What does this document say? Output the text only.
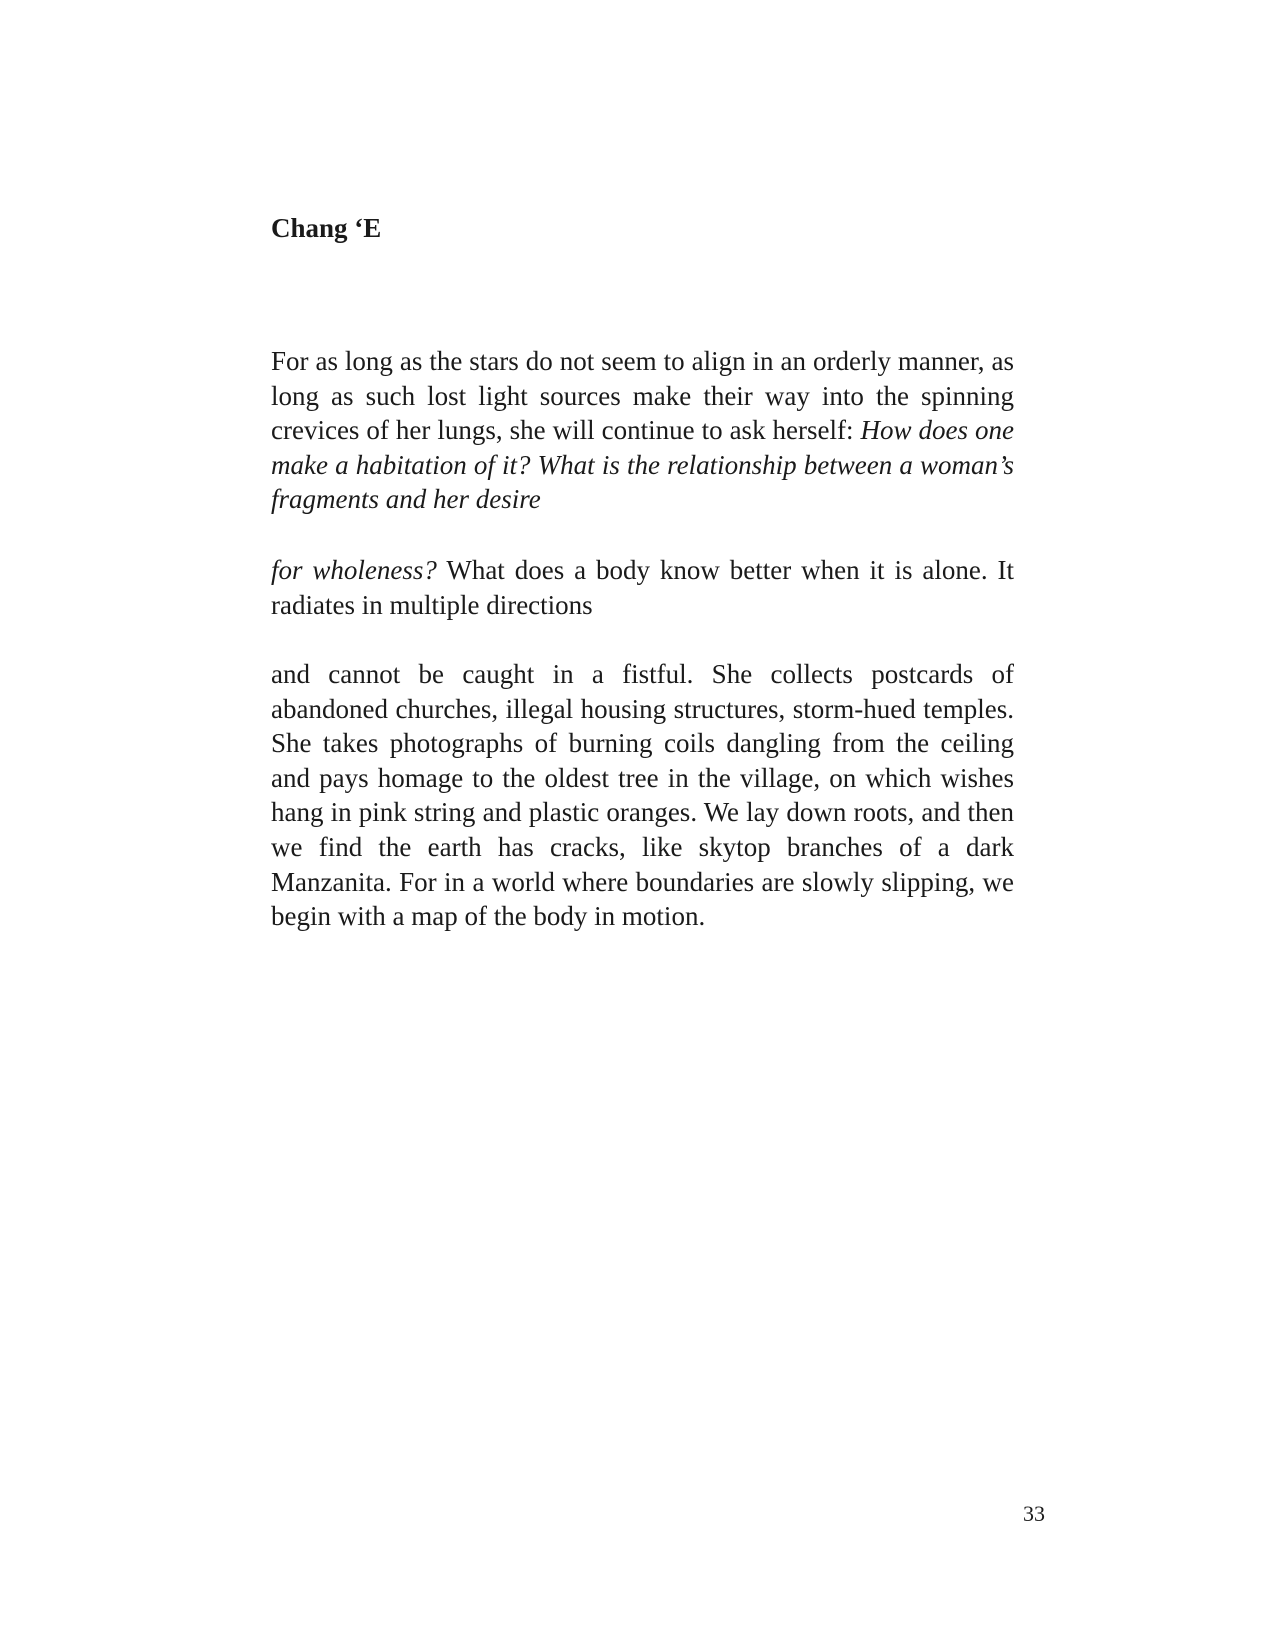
Chang ‘E

For as long as the stars do not seem to align in an orderly manner, as long as such lost light sources make their way into the spinning crevices of her lungs, she will continue to ask herself: How does one make a habitation of it? What is the relationship between a woman’s fragments and her desire

for wholeness? What does a body know better when it is alone. It radiates in multiple directions

and cannot be caught in a fistful. She collects postcards of abandoned churches, illegal housing structures, storm-hued temples. She takes photographs of burning coils dangling from the ceiling and pays homage to the oldest tree in the village, on which wishes hang in pink string and plastic oranges. We lay down roots, and then we find the earth has cracks, like skytop branches of a dark Manzanita. For in a world where boundaries are slowly slipping, we begin with a map of the body in motion.

33
